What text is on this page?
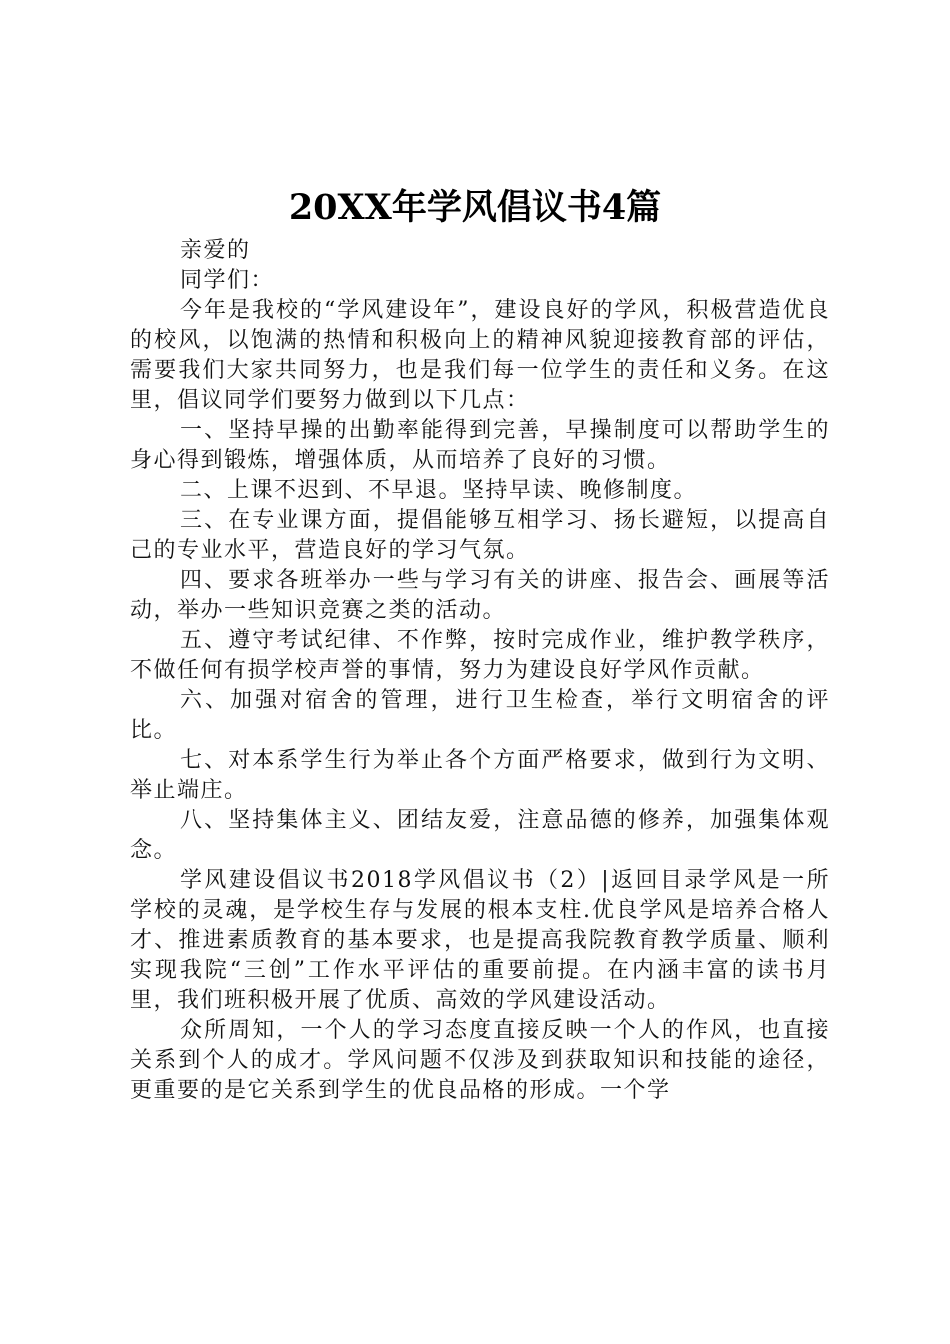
20XX年学风倡议书4篇

亲爱的

同学们：

今年是我校的“学风建设年”，建设良好的学风，积极营造优良的校风，以饱满的热情和积极向上的精神风貌迎接教育部的评估，需要我们大家共同努力，也是我们每一位学生的责任和义务。在这里，倡议同学们要努力做到以下几点：

一、坚持早操的出勤率能得到完善，早操制度可以帮助学生的身心得到锻炼，增强体质，从而培养了良好的习惯。

二、上课不迟到、不早退。坚持早读、晚修制度。

三、在专业课方面，提倡能够互相学习、扬长避短，以提高自己的专业水平，营造良好的学习气氛。

四、要求各班举办一些与学习有关的讲座、报告会、画展等活动，举办一些知识竞赛之类的活动。

五、遵守考试纪律、不作弊，按时完成作业，维护教学秩序，不做任何有损学校声誉的事情，努力为建设良好学风作贡献。

六、加强对宿舍的管理，进行卫生检查，举行文明宿舍的评比。

七、对本系学生行为举止各个方面严格要求，做到行为文明、举止端庄。

八、坚持集体主义、团结友爱，注意品德的修养，加强集体观念。

学风建设倡议书2018学风倡议书（2）|返回目录学风是一所学校的灵魂，是学校生存与发展的根本支柱.优良学风是培养合格人才、推进素质教育的基本要求，也是提高我院教育教学质量、顺利实现我院“三创”工作水平评估的重要前提。在内涵丰富的读书月里，我们班积极开展了优质、高效的学风建设活动。

众所周知，一个人的学习态度直接反映一个人的作风，也直接关系到个人的成才。学风问题不仅涉及到获取知识和技能的途径，更重要的是它关系到学生的优良品格的形成。一个学
